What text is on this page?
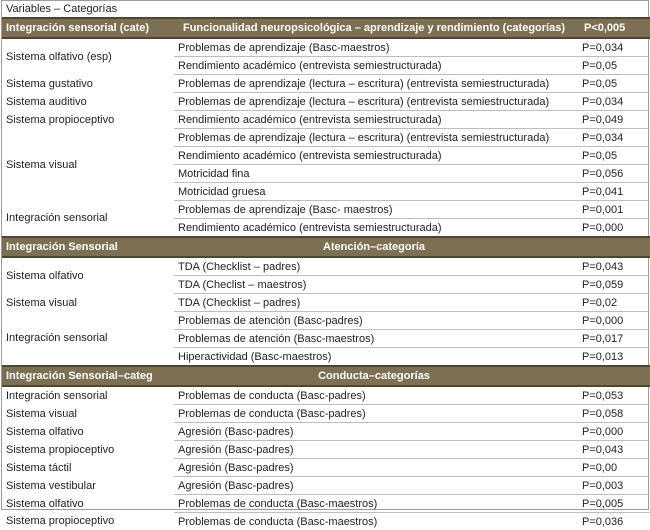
Variables – Categorías
Integración sensorial (cate)	Funcionalidad neuropsicológica – aprendizaje y rendimiento (categorías)	P<0,005
Sistema olfativo (esp)	Problemas de aprendizaje (Basc-maestros)	P=0,034
	Rendimiento académico (entrevista semiestructurada)	P=0,05
Sistema gustativo	Problemas de aprendizaje (lectura – escritura) (entrevista semiestructurada)	P=0,05
Sistema auditivo	Problemas de aprendizaje (lectura – escritura) (entrevista semiestructurada)	P=0,034
Sistema propioceptivo	Rendimiento académico (entrevista semiestructurada)	P=0,049
Sistema visual	Problemas de aprendizaje (lectura – escritura) (entrevista semiestructurada)	P=0,034
	Rendimiento académico (entrevista semiestructurada)	P=0,05
	Motricidad fina	P=0,056
	Motricidad gruesa	P=0,041
Integración sensorial	Problemas de aprendizaje (Basc- maestros)	P=0,001
	Rendimiento académico (entrevista semiestructurada)	P=0,000
Integración Sensorial	Atención–categoría	
Sistema olfativo	TDA (Checklist – padres)	P=0,043
	TDA (Checlist – maestros)	P=0,059
Sistema visual	TDA (Checklist – padres)	P=0,02
Integración sensorial	Problemas de atención (Basc-padres)	P=0,000
	Problemas de atención (Basc-maestros)	P=0,017
	Hiperactividad (Basc-maestros)	P=0,013
Integración Sensorial–categ	Conducta–categorías	
Integración sensorial	Problemas de conducta (Basc-padres)	P=0,053
Sistema visual	Problemas de conducta (Basc-padres)	P=0,058
Sistema olfativo	Agresión (Basc-padres)	P=0,000
Sistema propioceptivo	Agresión (Basc-padres)	P=0,043
Sistema táctil	Agresión (Basc-padres)	P=0,00
Sistema vestibular	Agresión (Basc-padres)	P=0,003
Sistema olfativo	Problemas de conducta (Basc-maestros)	P=0,005
Sistema propioceptivo	Problemas de conducta (Basc-maestros)	P=0,036
